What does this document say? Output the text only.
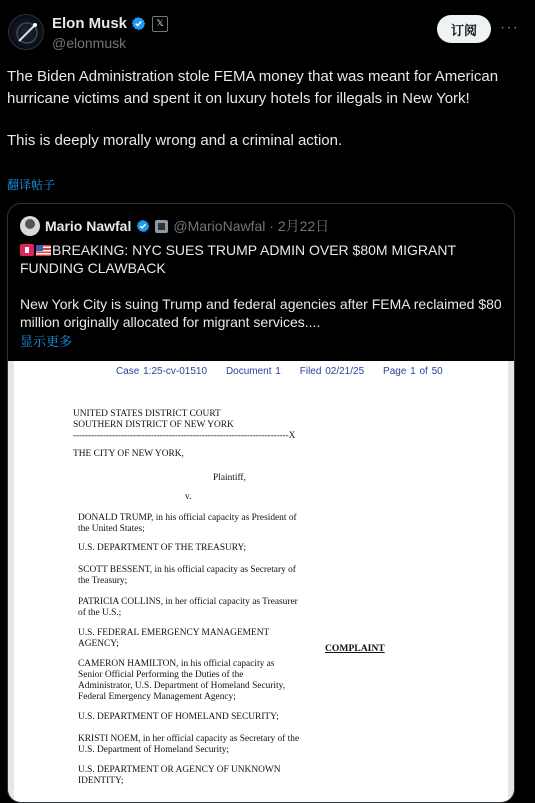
Elon Musk	𝕏
@elonmusk
订阅	···

The Biden Administration stole FEMA money that was meant for American hurricane victims and spent it on luxury hotels for illegals in New York!

This is deeply morally wrong and a criminal action.

翻译帖子
Mario Nawfal	@MarioNawfal · 2月22日

BREAKING: NYC SUES TRUMP ADMIN OVER $80M MIGRANT FUNDING CLAWBACK

New York City is suing Trump and federal agencies after FEMA reclaimed $80 million originally allocated for migrant services....

显示更多
Case 1:25-cv-01510     Document 1     Filed 02/21/25     Page 1 of 50
UNITED STATES DISTRICT COURT
SOUTHERN DISTRICT OF NEW YORK
------------------------------------------------------------------------X
THE CITY OF NEW YORK,
Plaintiff,
v.
DONALD TRUMP, in his official capacity as President of
the United States;
U.S. DEPARTMENT OF THE TREASURY;
SCOTT BESSENT, in his official capacity as Secretary of
the Treasury;
PATRICIA COLLINS, in her official capacity as Treasurer
of the U.S.;
U.S. FEDERAL EMERGENCY MANAGEMENT
AGENCY;	COMPLAINT
CAMERON HAMILTON, in his official capacity as
Senior Official Performing the Duties of the
Administrator, U.S. Department of Homeland Security,
Federal Emergency Management Agency;
U.S. DEPARTMENT OF HOMELAND SECURITY;
KRISTI NOEM, in her official capacity as Secretary of the
U.S. Department of Homeland Security;
U.S. DEPARTMENT OR AGENCY OF UNKNOWN
IDENTITY;
